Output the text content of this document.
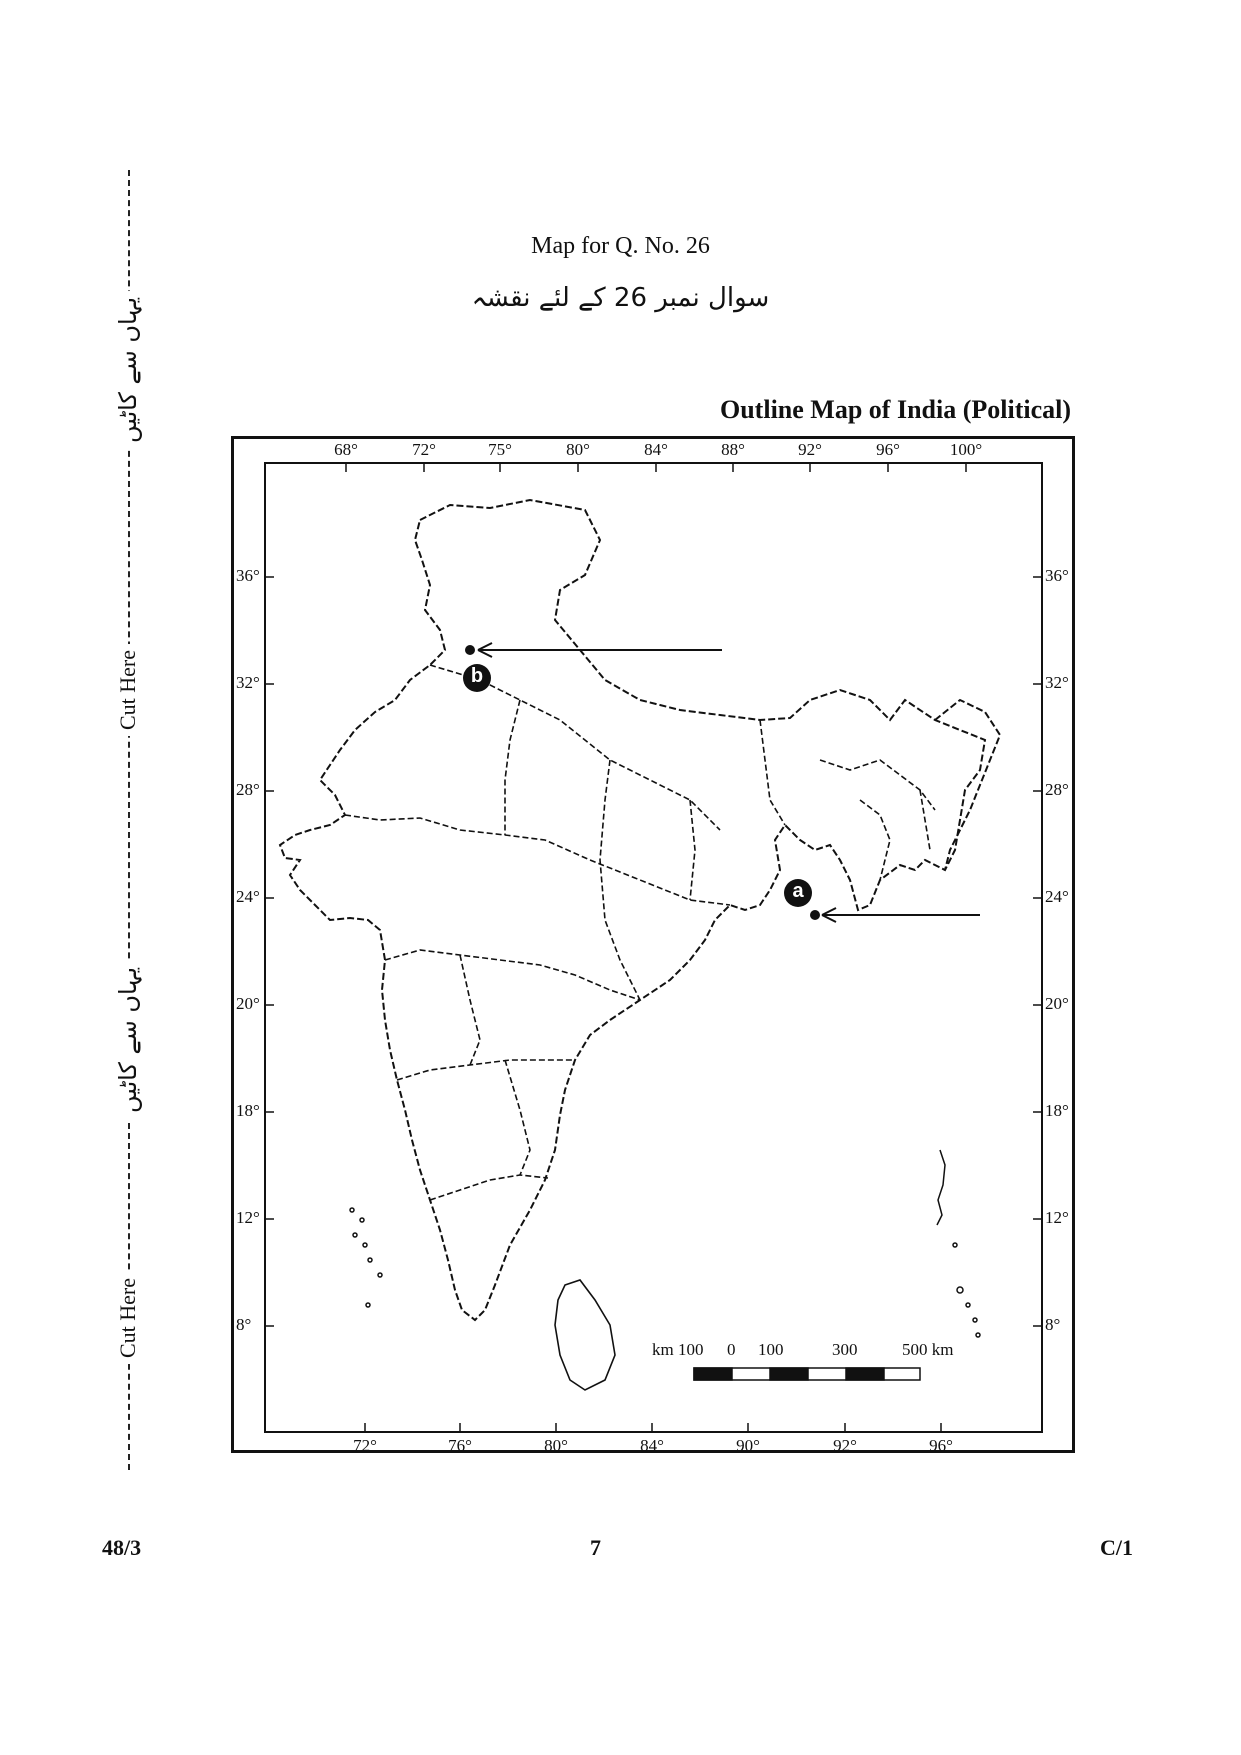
یہاں سے کاٹیں
Cut Here
یہاں سے کاٹیں
Cut Here
Map for Q. No. 26
سوال نمبر 26 کے لئے نقشہ
Outline Map of India (Political)
68°	72°	75°	80°	84°	88°	92°	96°	100°
72°	76°	80°	84°	90°	92°	96°
36°
32°
28°
24°
20°
18°
12°
8°
36°
32°
28°
24°
20°
18°
12°
8°
b
a
km 100 0 100	300	500 km
48/3	7	C/1
